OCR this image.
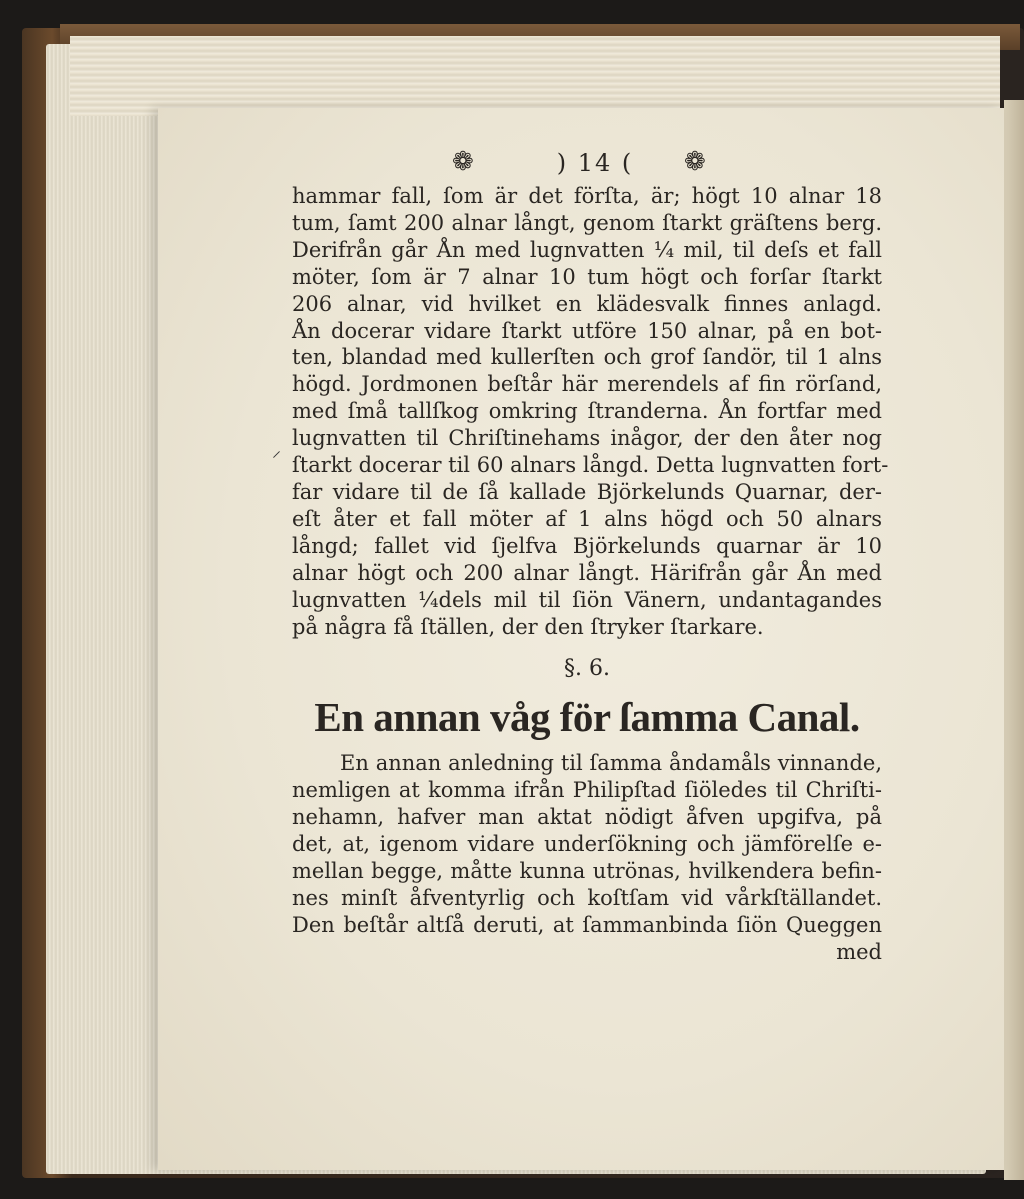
⸍
❁	) 14 ( ❁
hammar fall, ſom är det förſta, är; högt 10 alnar 18
tum, ſamt 200 alnar långt, genom ſtarkt gräſtens berg.
Derifrån går Ån med lugnvatten ¼ mil, til deſs et fall
möter, ſom är 7 alnar 10 tum högt och forſar ſtarkt
206 alnar, vid hvilket en klädesvalk finnes anlagd.
Ån docerar vidare ſtarkt utföre 150 alnar, på en bot-
ten, blandad med kullerſten och grof ſandör, til 1 alns
högd. Jordmonen beſtår här merendels af fin rörſand,
med ſmå tallſkog omkring ſtranderna. Ån fortfar med
lugnvatten til Chriſtinehams inågor, der den åter nog
ſtarkt docerar til 60 alnars långd. Detta lugnvatten fort-
far vidare til de ſå kallade Björkelunds Quarnar, der-
eſt åter et fall möter af 1 alns högd och 50 alnars
långd; fallet vid ſjelfva Björkelunds quarnar är 10
alnar högt och 200 alnar långt. Härifrån går Ån med
lugnvatten ¼dels mil til ſiön Vänern, undantagandes
på några få ſtällen, der den ſtryker ſtarkare.
§. 6.
En annan våg för ſamma Canal.
En annan anledning til ſamma åndamåls vinnande,
nemligen at komma ifrån Philipſtad ſiöledes til Chriſti-
nehamn, hafver man aktat nödigt åfven upgifva, på
det, at, igenom vidare underſökning och jämförelſe e-
mellan begge, måtte kunna utrönas, hvilkendera befin-
nes minſt åfventyrlig och koſtſam vid vårkſtällandet.
Den beſtår altſå deruti, at ſammanbinda ſiön Queggen
med
